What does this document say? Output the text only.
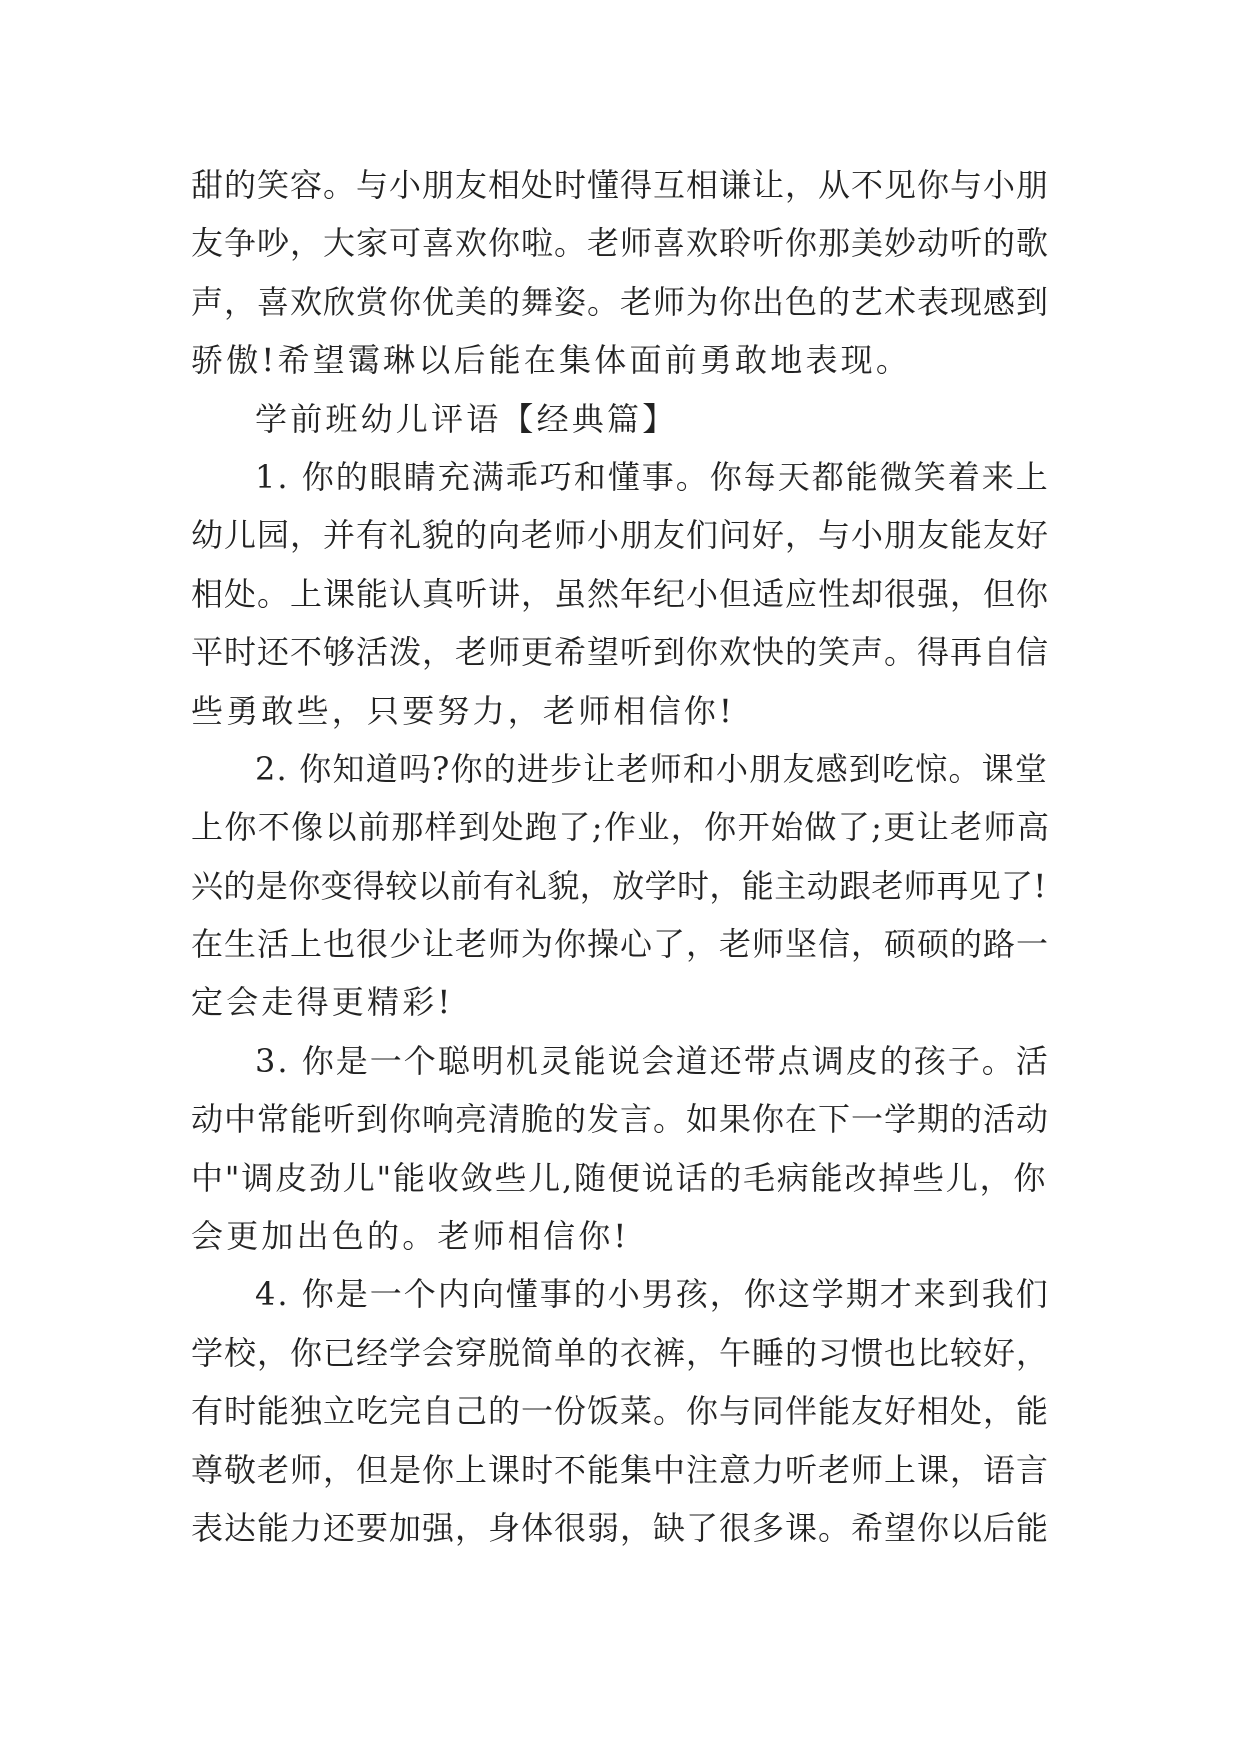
甜的笑容。与小朋友相处时懂得互相谦让，从不见你与小朋
友争吵，大家可喜欢你啦。老师喜欢聆听你那美妙动听的歌
声，喜欢欣赏你优美的舞姿。老师为你出色的艺术表现感到
骄傲!希望霭琳以后能在集体面前勇敢地表现。
学前班幼儿评语【经典篇】
1. 你的眼睛充满乖巧和懂事。你每天都能微笑着来上
幼儿园，并有礼貌的向老师小朋友们问好，与小朋友能友好
相处。上课能认真听讲，虽然年纪小但适应性却很强，但你
平时还不够活泼，老师更希望听到你欢快的笑声。得再自信
些勇敢些，只要努力，老师相信你!
2. 你知道吗?你的进步让老师和小朋友感到吃惊。课堂
上你不像以前那样到处跑了;作业，你开始做了;更让老师高
兴的是你变得较以前有礼貌，放学时，能主动跟老师再见了!
在生活上也很少让老师为你操心了，老师坚信，硕硕的路一
定会走得更精彩!
3. 你是一个聪明机灵能说会道还带点调皮的孩子。活
动中常能听到你响亮清脆的发言。如果你在下一学期的活动
中"调皮劲儿"能收敛些儿,随便说话的毛病能改掉些儿，你
会更加出色的。老师相信你!
4. 你是一个内向懂事的小男孩，你这学期才来到我们
学校，你已经学会穿脱简单的衣裤，午睡的习惯也比较好，
有时能独立吃完自己的一份饭菜。你与同伴能友好相处，能
尊敬老师，但是你上课时不能集中注意力听老师上课，语言
表达能力还要加强，身体很弱，缺了很多课。希望你以后能
